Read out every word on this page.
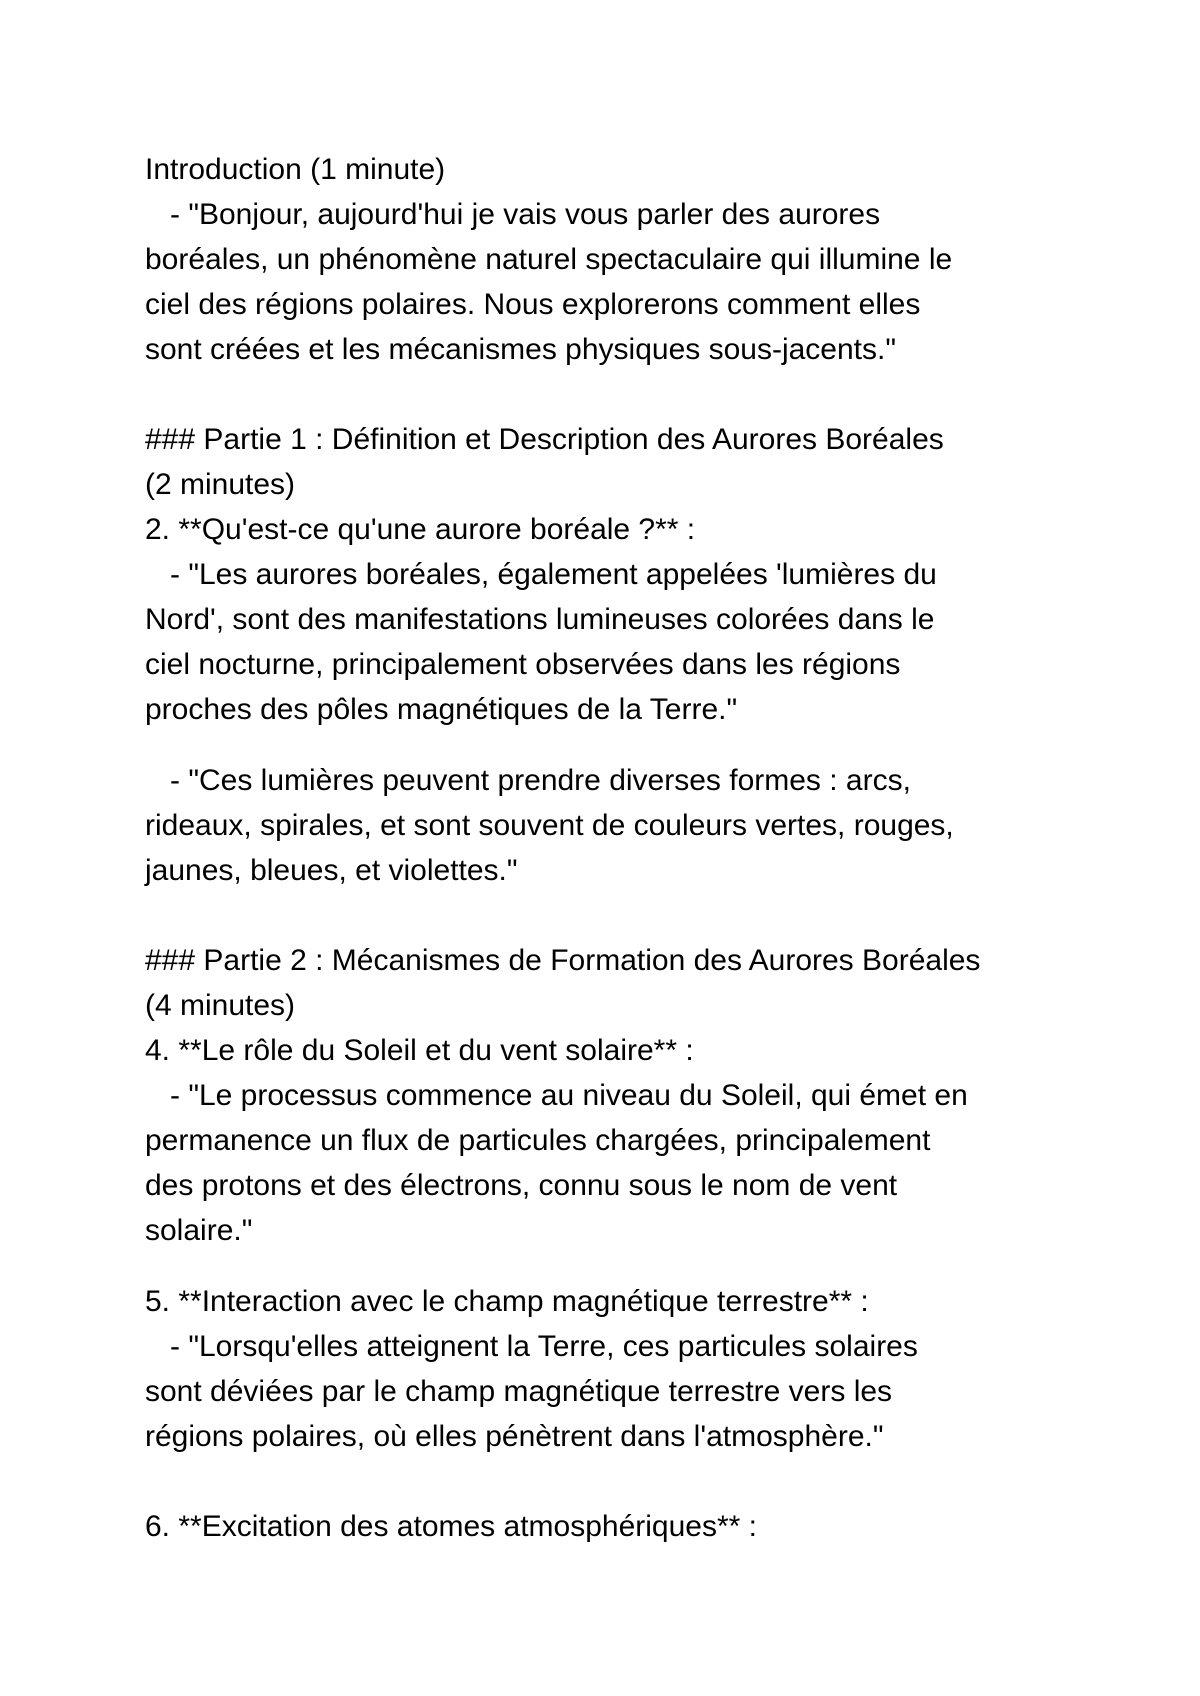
Introduction (1 minute)
- "Bonjour, aujourd'hui je vais vous parler des aurores
boréales, un phénomène naturel spectaculaire qui illumine le
ciel des régions polaires. Nous explorerons comment elles
sont créées et les mécanismes physiques sous-jacents."
### Partie 1 : Définition et Description des Aurores Boréales
(2 minutes)
2. **Qu'est-ce qu'une aurore boréale ?** :
- "Les aurores boréales, également appelées 'lumières du
Nord', sont des manifestations lumineuses colorées dans le
ciel nocturne, principalement observées dans les régions
proches des pôles magnétiques de la Terre."
- "Ces lumières peuvent prendre diverses formes : arcs,
rideaux, spirales, et sont souvent de couleurs vertes, rouges,
jaunes, bleues, et violettes."
### Partie 2 : Mécanismes de Formation des Aurores Boréales
(4 minutes)
4. **Le rôle du Soleil et du vent solaire** :
- "Le processus commence au niveau du Soleil, qui émet en
permanence un flux de particules chargées, principalement
des protons et des électrons, connu sous le nom de vent
solaire."
5. **Interaction avec le champ magnétique terrestre** :
- "Lorsqu'elles atteignent la Terre, ces particules solaires
sont déviées par le champ magnétique terrestre vers les
régions polaires, où elles pénètrent dans l'atmosphère."
6. **Excitation des atomes atmosphériques** :
